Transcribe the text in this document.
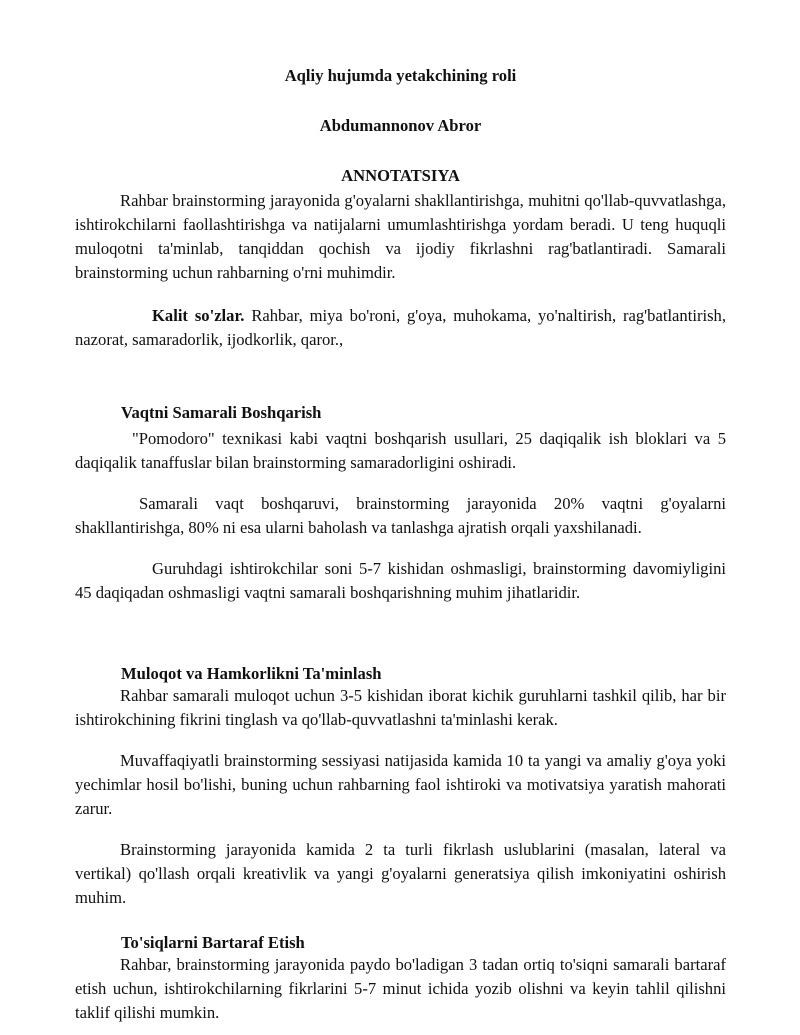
Aqliy hujumda yetakchining roli
Abdumannonov Abror
ANNOTATSIYA

Rahbar brainstorming jarayonida g'oyalarni shakllantirishga, muhitni qo'llab-quvvatlashga, ishtirokchilarni faollashtirishga va natijalarni umumlashtirishga yordam beradi. U teng huquqli muloqotni ta'minlab, tanqiddan qochish va ijodiy fikrlashni rag'batlantiradi. Samarali brainstorming uchun rahbarning o'rni muhimdir.

Kalit so'zlar. Rahbar, miya bo'roni, g'oya, muhokama, yo'naltirish, rag'batlantirish, nazorat, samaradorlik, ijodkorlik, qaror.,

Vaqtni Samarali Boshqarish

"Pomodoro" texnikasi kabi vaqtni boshqarish usullari, 25 daqiqalik ish bloklari va 5 daqiqalik tanaffuslar bilan brainstorming samaradorligini oshiradi.

Samarali vaqt boshqaruvi, brainstorming jarayonida 20% vaqtni g'oyalarni shakllantirishga, 80% ni esa ularni baholash va tanlashga ajratish orqali yaxshilanadi.

Guruhdagi ishtirokchilar soni 5-7 kishidan oshmasligi, brainstorming davomiyligini 45 daqiqadan oshmasligi vaqtni samarali boshqarishning muhim jihatlaridir.

Muloqot va Hamkorlikni Ta'minlash

Rahbar samarali muloqot uchun 3-5 kishidan iborat kichik guruhlarni tashkil qilib, har bir ishtirokchining fikrini tinglash va qo'llab-quvvatlashni ta'minlashi kerak.

Muvaffaqiyatli brainstorming sessiyasi natijasida kamida 10 ta yangi va amaliy g'oya yoki yechimlar hosil bo'lishi, buning uchun rahbarning faol ishtiroki va motivatsiya yaratish mahorati zarur.

Brainstorming jarayonida kamida 2 ta turli fikrlash uslublarini (masalan, lateral va vertikal) qo'llash orqali kreativlik va yangi g'oyalarni generatsiya qilish imkoniyatini oshirish muhim.

To'siqlarni Bartaraf Etish

Rahbar, brainstorming jarayonida paydo bo'ladigan 3 tadan ortiq to'siqni samarali bartaraf etish uchun, ishtirokchilarning fikrlarini 5-7 minut ichida yozib olishni va keyin tahlil qilishni taklif qilishi mumkin.
